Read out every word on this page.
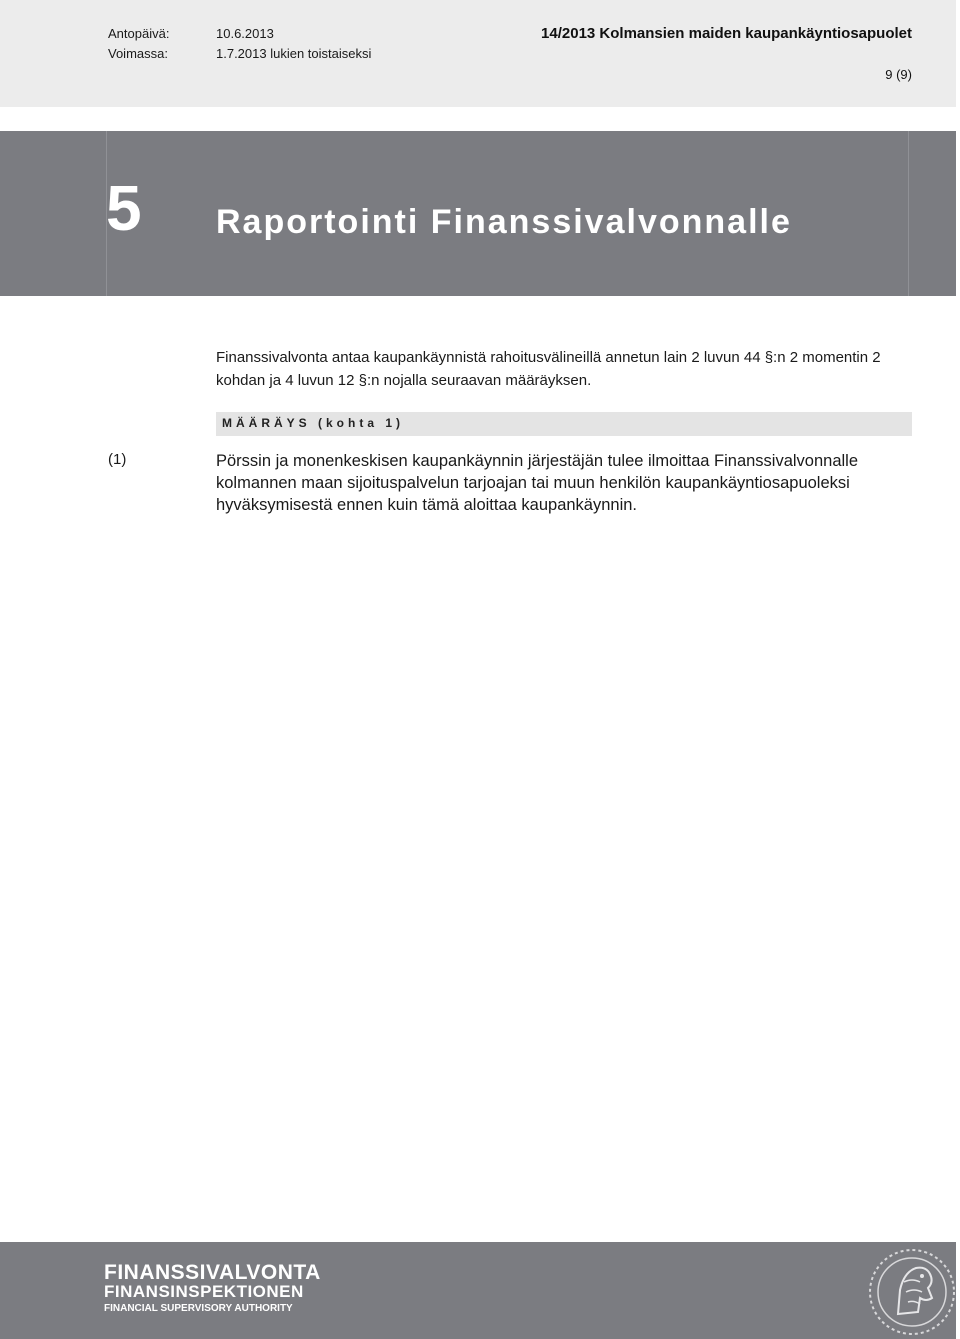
Antopäivä:	10.6.2013
Voimassa:	1.7.2013 lukien toistaiseksi
14/2013 Kolmansien maiden kaupankäyntiosapuolet
9 (9)
5 Raportointi Finanssivalvonnalle
Finanssivalvonta antaa kaupankäynnistä rahoitusvälineillä annetun lain 2 luvun 44 §:n 2 momentin 2 kohdan ja 4 luvun 12 §:n nojalla seuraavan määräyksen.
MÄÄRÄYS (kohta 1)
(1)	Pörssin ja monenkeskisen kaupankäynnin järjestäjän tulee ilmoittaa Finanssivalvonnalle kolmannen maan sijoituspalvelun tarjoajan tai muun henkilön kaupankäyntiosapuoleksi hyväksymisestä ennen kuin tämä aloittaa kaupankäynnin.
FINANSSIVALVONTA
FINANSINSPEKTIONEN
FINANCIAL SUPERVISORY AUTHORITY
